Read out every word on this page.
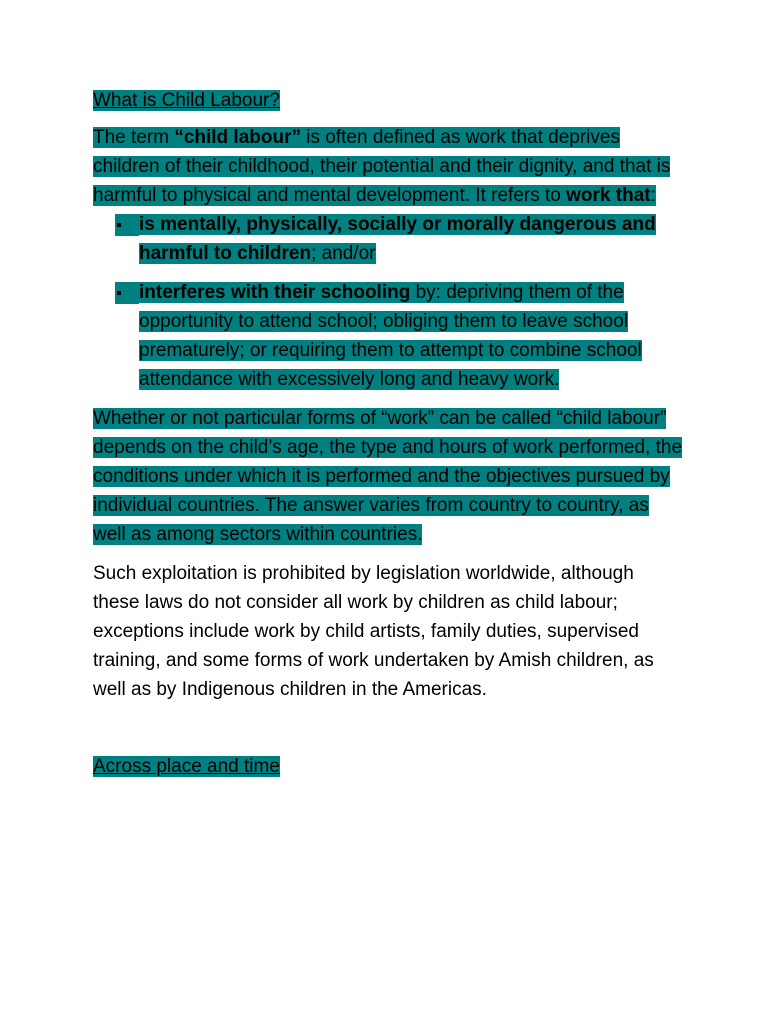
What is Child Labour?

The term “child labour” is often defined as work that deprives children of their childhood, their potential and their dignity, and that is harmful to physical and mental development. It refers to work that:

is mentally, physically, socially or morally dangerous and harmful to children; and/or
interferes with their schooling by: depriving them of the opportunity to attend school; obliging them to leave school prematurely; or requiring them to attempt to combine school attendance with excessively long and heavy work.

Whether or not particular forms of “work” can be called “child labour” depends on the child’s age, the type and hours of work performed, the conditions under which it is performed and the objectives pursued by individual countries. The answer varies from country to country, as well as among sectors within countries.

Such exploitation is prohibited by legislation worldwide, although these laws do not consider all work by children as child labour; exceptions include work by child artists, family duties, supervised training, and some forms of work undertaken by Amish children, as well as by Indigenous children in the Americas.

Across place and time
